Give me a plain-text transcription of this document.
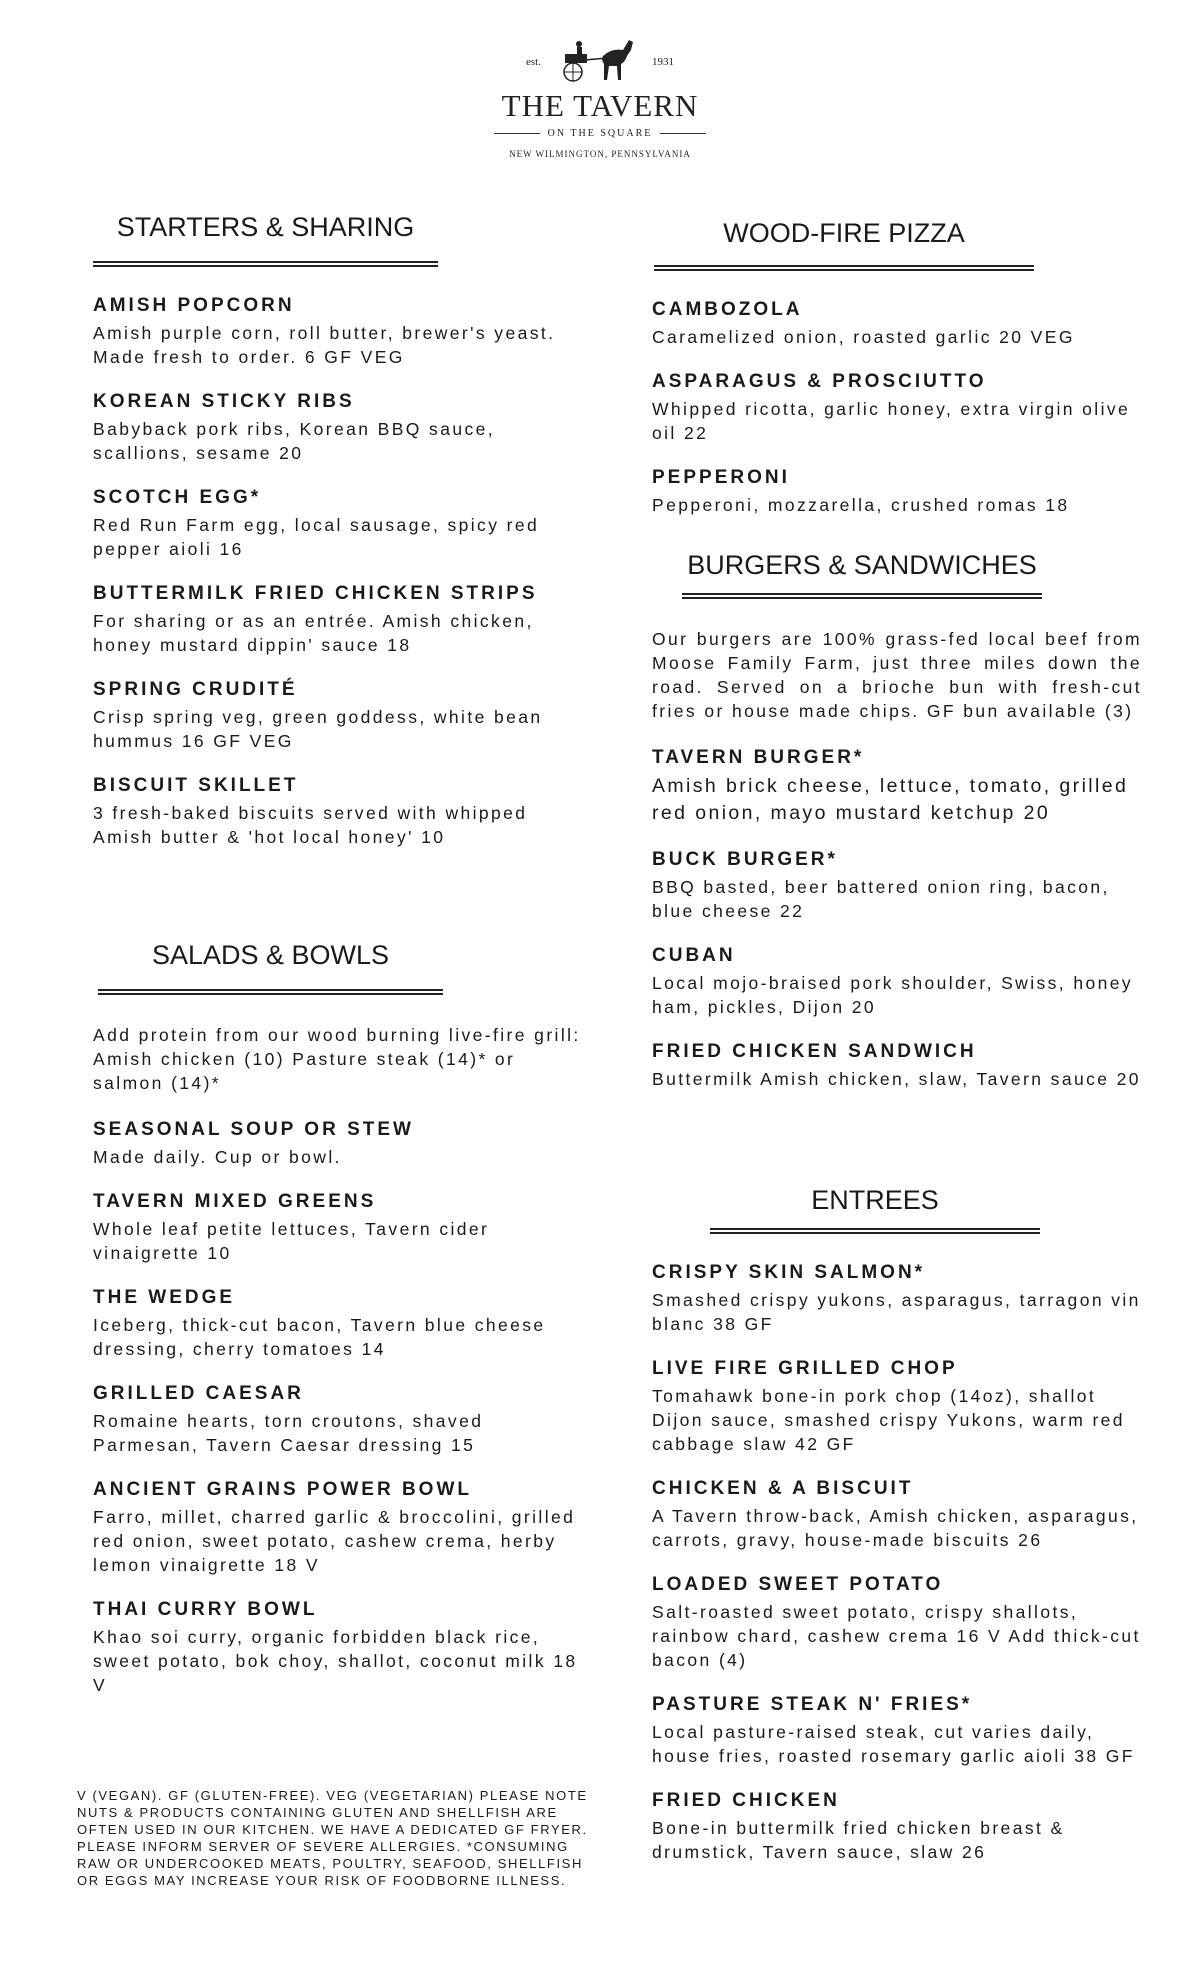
est.	1931
THE TAVERN
ON THE SQUARE
NEW WILMINGTON, PENNSYLVANIA
STARTERS & SHARING
AMISH POPCORN
Amish purple corn, roll butter, brewer's yeast. Made fresh to order. 6 GF VEG
KOREAN STICKY RIBS
Babyback pork ribs, Korean BBQ sauce, scallions, sesame 20
SCOTCH EGG*
Red Run Farm egg, local sausage, spicy red pepper aioli 16
BUTTERMILK FRIED CHICKEN STRIPS
For sharing or as an entrée. Amish chicken, honey mustard dippin' sauce 18
SPRING CRUDITÉ
Crisp spring veg, green goddess, white bean hummus 16 GF VEG
BISCUIT SKILLET
3 fresh-baked biscuits served with whipped Amish butter & 'hot local honey' 10
SALADS & BOWLS
Add protein from our wood burning live-fire grill: Amish chicken (10) Pasture steak (14)* or salmon (14)*
SEASONAL SOUP OR STEW
Made daily. Cup or bowl.
TAVERN MIXED GREENS
Whole leaf petite lettuces, Tavern cider vinaigrette 10
THE WEDGE
Iceberg, thick-cut bacon, Tavern blue cheese dressing, cherry tomatoes 14
GRILLED CAESAR
Romaine hearts, torn croutons, shaved Parmesan, Tavern Caesar dressing 15
ANCIENT GRAINS POWER BOWL
Farro, millet, charred garlic & broccolini, grilled red onion, sweet potato, cashew crema, herby lemon vinaigrette 18 V
THAI CURRY BOWL
Khao soi curry, organic forbidden black rice, sweet potato, bok choy, shallot, coconut milk 18 V
V (VEGAN). GF (GLUTEN-FREE). VEG (VEGETARIAN) PLEASE NOTE NUTS & PRODUCTS CONTAINING GLUTEN AND SHELLFISH ARE OFTEN USED IN OUR KITCHEN. WE HAVE A DEDICATED GF FRYER. PLEASE INFORM SERVER OF SEVERE ALLERGIES. *CONSUMING RAW OR UNDERCOOKED MEATS, POULTRY, SEAFOOD, SHELLFISH OR EGGS MAY INCREASE YOUR RISK OF FOODBORNE ILLNESS.
WOOD-FIRE PIZZA
CAMBOZOLA
Caramelized onion, roasted garlic 20 VEG
ASPARAGUS & PROSCIUTTO
Whipped ricotta, garlic honey, extra virgin olive oil 22
PEPPERONI
Pepperoni, mozzarella, crushed romas 18
BURGERS & SANDWICHES
Our burgers are 100% grass-fed local beef from Moose Family Farm, just three miles down the road. Served on a brioche bun with fresh-cut fries or house made chips. GF bun available (3)
TAVERN BURGER*
Amish brick cheese, lettuce, tomato, grilled red onion, mayo mustard ketchup 20
BUCK BURGER*
BBQ basted, beer battered onion ring, bacon, blue cheese 22
CUBAN
Local mojo-braised pork shoulder, Swiss, honey ham, pickles, Dijon 20
FRIED CHICKEN SANDWICH
Buttermilk Amish chicken, slaw, Tavern sauce 20
ENTREES
CRISPY SKIN SALMON*
Smashed crispy yukons, asparagus, tarragon vin blanc 38 GF
LIVE FIRE GRILLED CHOP
Tomahawk bone-in pork chop (14oz), shallot Dijon sauce, smashed crispy Yukons, warm red cabbage slaw 42 GF
CHICKEN & A BISCUIT
A Tavern throw-back, Amish chicken, asparagus, carrots, gravy, house-made biscuits 26
LOADED SWEET POTATO
Salt-roasted sweet potato, crispy shallots, rainbow chard, cashew crema 16 V Add thick-cut bacon (4)
PASTURE STEAK N' FRIES*
Local pasture-raised steak, cut varies daily, house fries, roasted rosemary garlic aioli 38 GF
FRIED CHICKEN
Bone-in buttermilk fried chicken breast & drumstick, Tavern sauce, slaw 26
